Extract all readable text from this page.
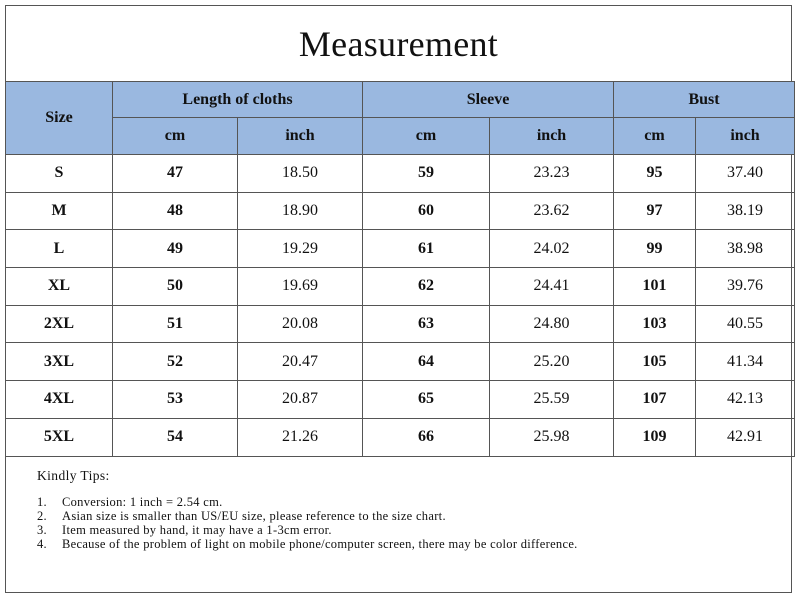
Measurement
Size	Length of cloths		Sleeve		Bust	
	cm	inch	cm	inch	cm	inch
S	47	18.50	59	23.23	95	37.40
M	48	18.90	60	23.62	97	38.19
L	49	19.29	61	24.02	99	38.98
XL	50	19.69	62	24.41	101	39.76
2XL	51	20.08	63	24.80	103	40.55
3XL	52	20.47	64	25.20	105	41.34
4XL	53	20.87	65	25.59	107	42.13
5XL	54	21.26	66	25.98	109	42.91
Kindly Tips:
1.	Conversion: 1 inch = 2.54 cm.
2.	Asian size is smaller than US/EU size, please reference to the size chart.
3.	Item measured by hand, it may have a 1-3cm error.
4.	Because of the problem of light on mobile phone/computer screen, there may be color difference.
